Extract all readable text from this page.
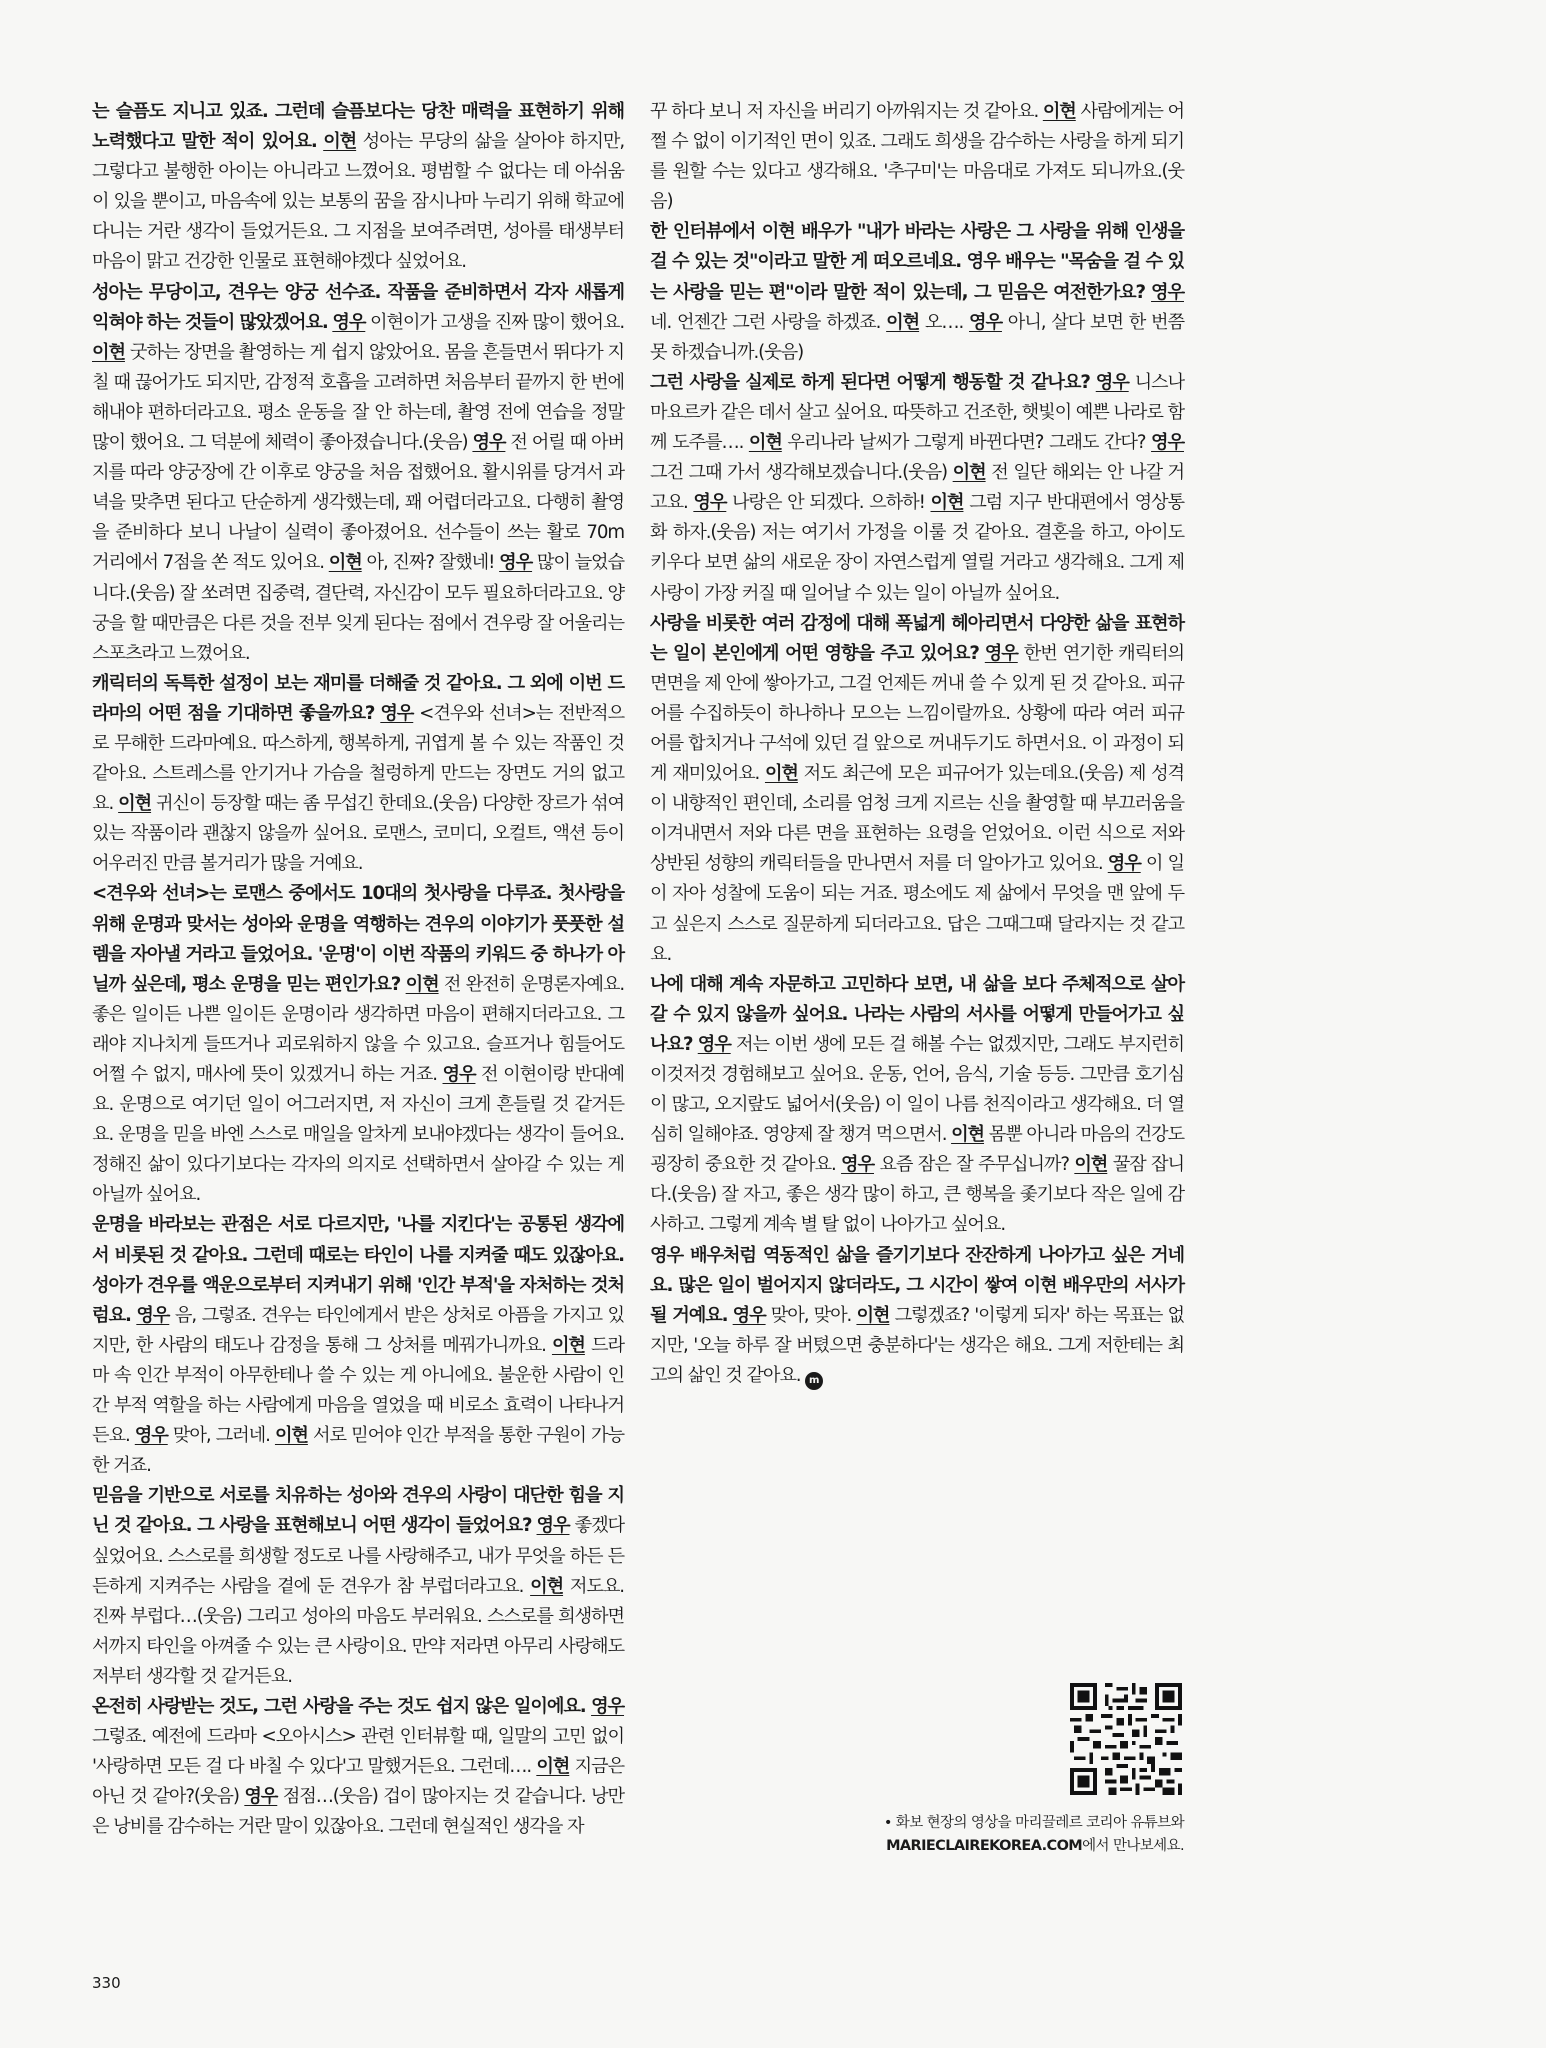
는 슬픔도 지니고 있죠. 그런데 슬픔보다는 당찬 매력을 표현하기 위해 노력했다고 말한 적이 있어요. 이현 성아는 무당의 삶을 살아야 하지만, 그렇다고 불행한 아이는 아니라고 느꼈어요. 평범할 수 없다는 데 아쉬움이 있을 뿐이고, 마음속에 있는 보통의 꿈을 잠시나마 누리기 위해 학교에 다니는 거란 생각이 들었거든요. 그 지점을 보여주려면, 성아를 태생부터 마음이 맑고 건강한 인물로 표현해야겠다 싶었어요.

성아는 무당이고, 견우는 양궁 선수죠. 작품을 준비하면서 각자 새롭게 익혀야 하는 것들이 많았겠어요. 영우 이현이가 고생을 진짜 많이 했어요. 이현 굿하는 장면을 촬영하는 게 쉽지 않았어요. 몸을 흔들면서 뛰다가 지칠 때 끊어가도 되지만, 감정적 호흡을 고려하면 처음부터 끝까지 한 번에 해내야 편하더라고요. 평소 운동을 잘 안 하는데, 촬영 전에 연습을 정말 많이 했어요. 그 덕분에 체력이 좋아졌습니다.(웃음) 영우 전 어릴 때 아버지를 따라 양궁장에 간 이후로 양궁을 처음 접했어요. 활시위를 당겨서 과녁을 맞추면 된다고 단순하게 생각했는데, 꽤 어렵더라고요. 다행히 촬영을 준비하다 보니 나날이 실력이 좋아졌어요. 선수들이 쓰는 활로 70m 거리에서 7점을 쏜 적도 있어요. 이현 아, 진짜? 잘했네! 영우 많이 늘었습니다.(웃음) 잘 쏘려면 집중력, 결단력, 자신감이 모두 필요하더라고요. 양궁을 할 때만큼은 다른 것을 전부 잊게 된다는 점에서 견우랑 잘 어울리는 스포츠라고 느꼈어요.

캐릭터의 독특한 설정이 보는 재미를 더해줄 것 같아요. 그 외에 이번 드라마의 어떤 점을 기대하면 좋을까요? 영우 <견우와 선녀>는 전반적으로 무해한 드라마예요. 따스하게, 행복하게, 귀엽게 볼 수 있는 작품인 것 같아요. 스트레스를 안기거나 가슴을 철렁하게 만드는 장면도 거의 없고요. 이현 귀신이 등장할 때는 좀 무섭긴 한데요.(웃음) 다양한 장르가 섞여 있는 작품이라 괜찮지 않을까 싶어요. 로맨스, 코미디, 오컬트, 액션 등이 어우러진 만큼 볼거리가 많을 거예요.

<견우와 선녀>는 로맨스 중에서도 10대의 첫사랑을 다루죠. 첫사랑을 위해 운명과 맞서는 성아와 운명을 역행하는 견우의 이야기가 풋풋한 설렘을 자아낼 거라고 들었어요. '운명'이 이번 작품의 키워드 중 하나가 아닐까 싶은데, 평소 운명을 믿는 편인가요? 이현 전 완전히 운명론자예요. 좋은 일이든 나쁜 일이든 운명이라 생각하면 마음이 편해지더라고요. 그래야 지나치게 들뜨거나 괴로워하지 않을 수 있고요. 슬프거나 힘들어도 어쩔 수 없지, 매사에 뜻이 있겠거니 하는 거죠. 영우 전 이현이랑 반대예요. 운명으로 여기던 일이 어그러지면, 저 자신이 크게 흔들릴 것 같거든요. 운명을 믿을 바엔 스스로 매일을 알차게 보내야겠다는 생각이 들어요. 정해진 삶이 있다기보다는 각자의 의지로 선택하면서 살아갈 수 있는 게 아닐까 싶어요.

운명을 바라보는 관점은 서로 다르지만, '나를 지킨다'는 공통된 생각에서 비롯된 것 같아요. 그런데 때로는 타인이 나를 지켜줄 때도 있잖아요. 성아가 견우를 액운으로부터 지켜내기 위해 '인간 부적'을 자처하는 것처럼요. 영우 음, 그렇죠. 견우는 타인에게서 받은 상처로 아픔을 가지고 있지만, 한 사람의 태도나 감정을 통해 그 상처를 메꿔가니까요. 이현 드라마 속 인간 부적이 아무한테나 쓸 수 있는 게 아니에요. 불운한 사람이 인간 부적 역할을 하는 사람에게 마음을 열었을 때 비로소 효력이 나타나거든요. 영우 맞아, 그러네. 이현 서로 믿어야 인간 부적을 통한 구원이 가능한 거죠.

믿음을 기반으로 서로를 치유하는 성아와 견우의 사랑이 대단한 힘을 지닌 것 같아요. 그 사랑을 표현해보니 어떤 생각이 들었어요? 영우 좋겠다 싶었어요. 스스로를 희생할 정도로 나를 사랑해주고, 내가 무엇을 하든 든든하게 지켜주는 사람을 곁에 둔 견우가 참 부럽더라고요. 이현 저도요. 진짜 부럽다…(웃음) 그리고 성아의 마음도 부러워요. 스스로를 희생하면서까지 타인을 아껴줄 수 있는 큰 사랑이요. 만약 저라면 아무리 사랑해도 저부터 생각할 것 같거든요.

온전히 사랑받는 것도, 그런 사랑을 주는 것도 쉽지 않은 일이에요. 영우 그렇죠. 예전에 드라마 <오아시스> 관련 인터뷰할 때, 일말의 고민 없이 '사랑하면 모든 걸 다 바칠 수 있다'고 말했거든요. 그런데…. 이현 지금은 아닌 것 같아?(웃음) 영우 점점…(웃음) 겁이 많아지는 것 같습니다. 낭만은 낭비를 감수하는 거란 말이 있잖아요. 그런데 현실적인 생각을 자

꾸 하다 보니 저 자신을 버리기 아까워지는 것 같아요. 이현 사람에게는 어쩔 수 없이 이기적인 면이 있죠. 그래도 희생을 감수하는 사랑을 하게 되기를 원할 수는 있다고 생각해요. '추구미'는 마음대로 가져도 되니까요.(웃음)

한 인터뷰에서 이현 배우가 "내가 바라는 사랑은 그 사랑을 위해 인생을 걸 수 있는 것"이라고 말한 게 떠오르네요. 영우 배우는 "목숨을 걸 수 있는 사랑을 믿는 편"이라 말한 적이 있는데, 그 믿음은 여전한가요? 영우 네. 언젠간 그런 사랑을 하겠죠. 이현 오…. 영우 아니, 살다 보면 한 번쯤 못 하겠습니까.(웃음)

그런 사랑을 실제로 하게 된다면 어떻게 행동할 것 같나요? 영우 니스나 마요르카 같은 데서 살고 싶어요. 따뜻하고 건조한, 햇빛이 예쁜 나라로 함께 도주를…. 이현 우리나라 날씨가 그렇게 바뀐다면? 그래도 간다? 영우 그건 그때 가서 생각해보겠습니다.(웃음) 이현 전 일단 해외는 안 나갈 거고요. 영우 나랑은 안 되겠다. 으하하! 이현 그럼 지구 반대편에서 영상통화 하자.(웃음) 저는 여기서 가정을 이룰 것 같아요. 결혼을 하고, 아이도 키우다 보면 삶의 새로운 장이 자연스럽게 열릴 거라고 생각해요. 그게 제 사랑이 가장 커질 때 일어날 수 있는 일이 아닐까 싶어요.

사랑을 비롯한 여러 감정에 대해 폭넓게 헤아리면서 다양한 삶을 표현하는 일이 본인에게 어떤 영향을 주고 있어요? 영우 한번 연기한 캐릭터의 면면을 제 안에 쌓아가고, 그걸 언제든 꺼내 쓸 수 있게 된 것 같아요. 피규어를 수집하듯이 하나하나 모으는 느낌이랄까요. 상황에 따라 여러 피규어를 합치거나 구석에 있던 걸 앞으로 꺼내두기도 하면서요. 이 과정이 되게 재미있어요. 이현 저도 최근에 모은 피규어가 있는데요.(웃음) 제 성격이 내향적인 편인데, 소리를 엄청 크게 지르는 신을 촬영할 때 부끄러움을 이겨내면서 저와 다른 면을 표현하는 요령을 얻었어요. 이런 식으로 저와 상반된 성향의 캐릭터들을 만나면서 저를 더 알아가고 있어요. 영우 이 일이 자아 성찰에 도움이 되는 거죠. 평소에도 제 삶에서 무엇을 맨 앞에 두고 싶은지 스스로 질문하게 되더라고요. 답은 그때그때 달라지는 것 같고요.

나에 대해 계속 자문하고 고민하다 보면, 내 삶을 보다 주체적으로 살아갈 수 있지 않을까 싶어요. 나라는 사람의 서사를 어떻게 만들어가고 싶나요? 영우 저는 이번 생에 모든 걸 해볼 수는 없겠지만, 그래도 부지런히 이것저것 경험해보고 싶어요. 운동, 언어, 음식, 기술 등등. 그만큼 호기심이 많고, 오지랖도 넓어서(웃음) 이 일이 나름 천직이라고 생각해요. 더 열심히 일해야죠. 영양제 잘 챙겨 먹으면서. 이현 몸뿐 아니라 마음의 건강도 굉장히 중요한 것 같아요. 영우 요즘 잠은 잘 주무십니까? 이현 꿀잠 잡니다.(웃음) 잘 자고, 좋은 생각 많이 하고, 큰 행복을 좇기보다 작은 일에 감사하고. 그렇게 계속 별 탈 없이 나아가고 싶어요.

영우 배우처럼 역동적인 삶을 즐기기보다 잔잔하게 나아가고 싶은 거네요. 많은 일이 벌어지지 않더라도, 그 시간이 쌓여 이현 배우만의 서사가 될 거예요. 영우 맞아, 맞아. 이현 그렇겠죠? '이렇게 되자' 하는 목표는 없지만, '오늘 하루 잘 버텼으면 충분하다'는 생각은 해요. 그게 저한테는 최고의 삶인 것 같아요. m

• 화보 현장의 영상을 마리끌레르 코리아 유튜브와
MARIECLAIREKOREA.COM에서 만나보세요.
330
